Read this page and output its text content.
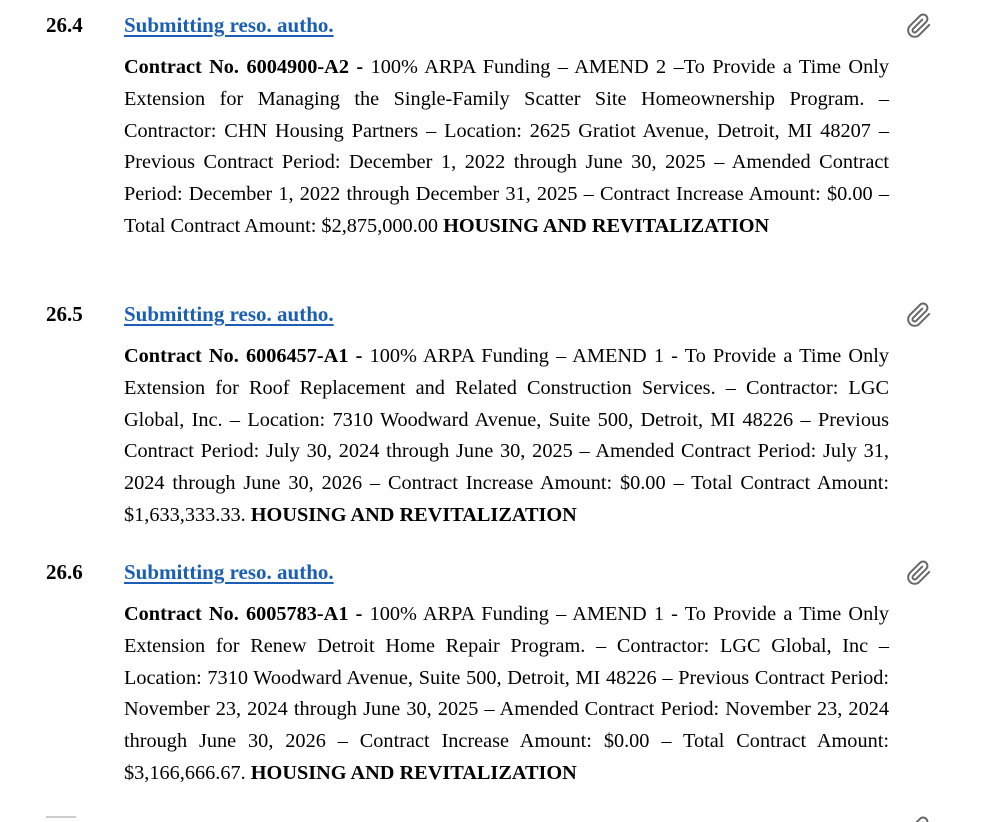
26.4 Submitting reso. autho.
Contract No. 6004900-A2 - 100% ARPA Funding – AMEND 2 –To Provide a Time Only Extension for Managing the Single-Family Scatter Site Homeownership Program. – Contractor: CHN Housing Partners – Location: 2625 Gratiot Avenue, Detroit, MI 48207 – Previous Contract Period: December 1, 2022 through June 30, 2025 – Amended Contract Period: December 1, 2022 through December 31, 2025 – Contract Increase Amount: $0.00 – Total Contract Amount: $2,875,000.00 HOUSING AND REVITALIZATION
26.5 Submitting reso. autho.
Contract No. 6006457-A1 - 100% ARPA Funding – AMEND 1 - To Provide a Time Only Extension for Roof Replacement and Related Construction Services. – Contractor: LGC Global, Inc. – Location: 7310 Woodward Avenue, Suite 500, Detroit, MI 48226 – Previous Contract Period: July 30, 2024 through June 30, 2025 – Amended Contract Period: July 31, 2024 through June 30, 2026 – Contract Increase Amount: $0.00 – Total Contract Amount: $1,633,333.33. HOUSING AND REVITALIZATION
26.6 Submitting reso. autho.
Contract No. 6005783-A1 - 100% ARPA Funding – AMEND 1 - To Provide a Time Only Extension for Renew Detroit Home Repair Program. – Contractor: LGC Global, Inc – Location: 7310 Woodward Avenue, Suite 500, Detroit, MI 48226 – Previous Contract Period: November 23, 2024 through June 30, 2025 – Amended Contract Period: November 23, 2024 through June 30, 2026 – Contract Increase Amount: $0.00 – Total Contract Amount: $3,166,666.67. HOUSING AND REVITALIZATION
